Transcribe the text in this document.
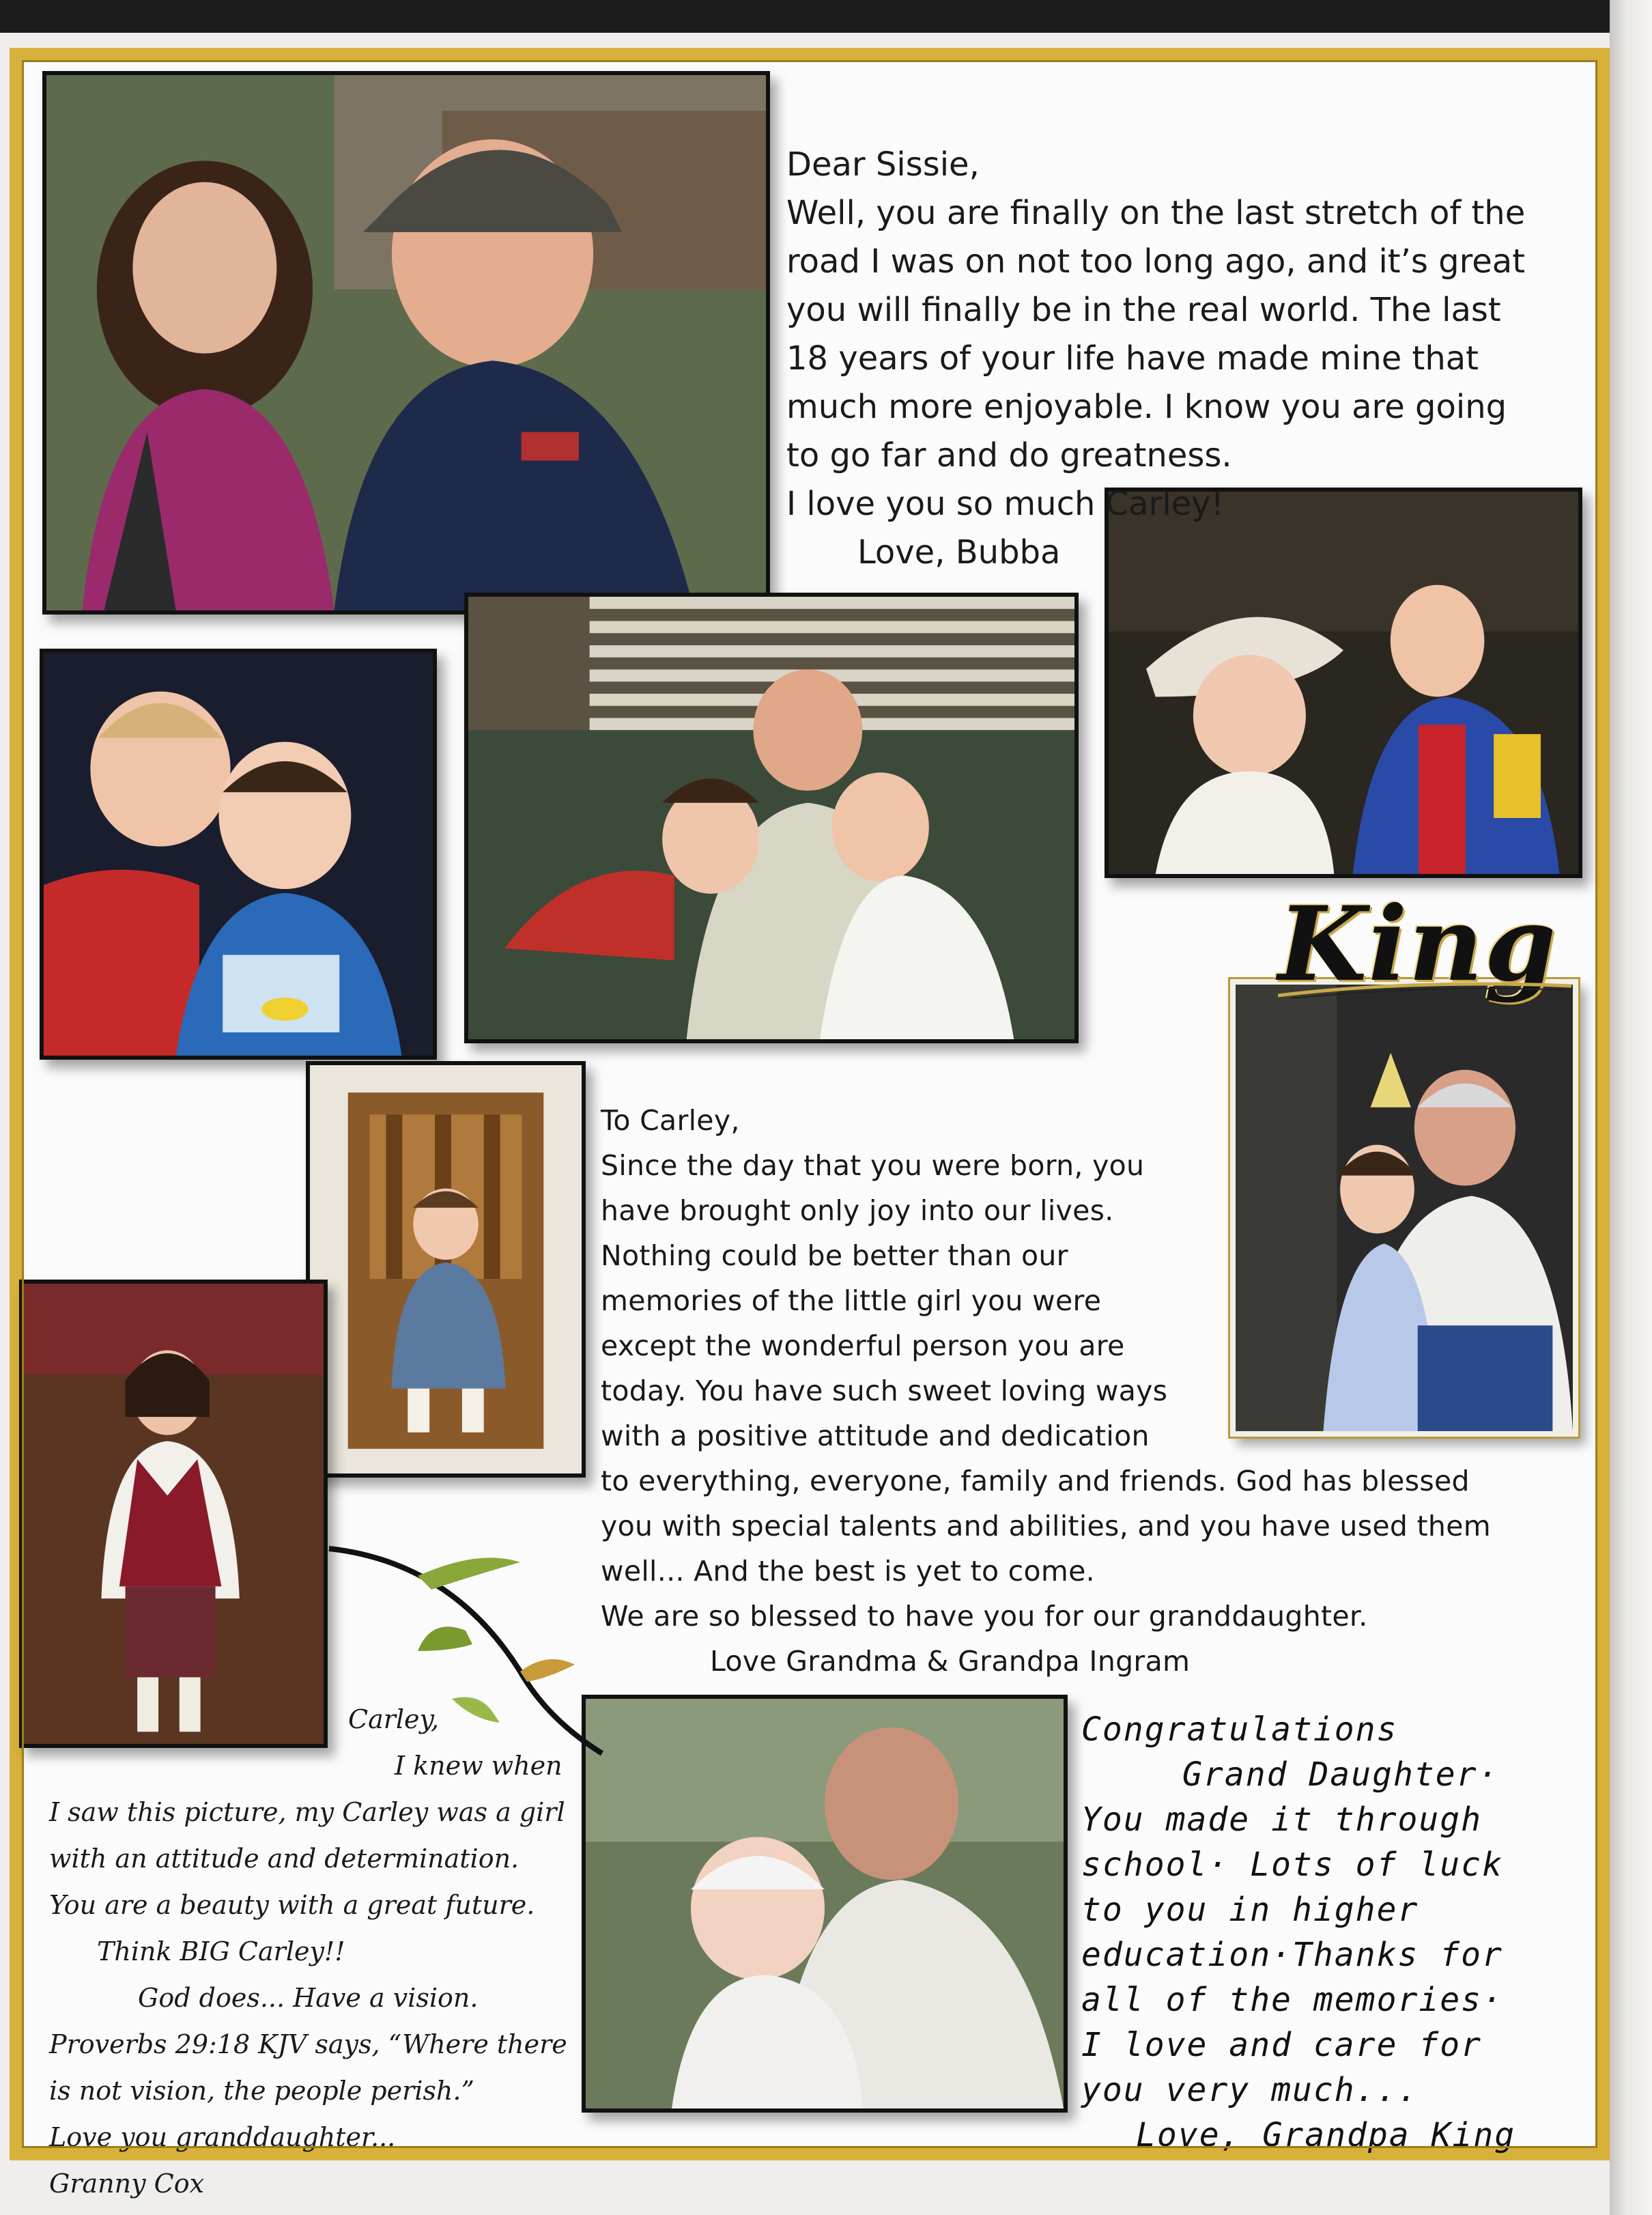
Dear Sissie,
Well, you are finally on the last stretch of the
road I was on not too long ago, and it’s great
you will finally be in the real world. The last
18 years of your life have made mine that
much more enjoyable. I know you are going
to go far and do greatness.
I love you so much Carley!
Love, Bubba
King
To Carley,
Since the day that you were born, you
have brought only joy into our lives.
Nothing could be better than our
memories of the little girl you were
except the wonderful person you are
today. You have such sweet loving ways
with a positive attitude and dedication
to everything, everyone, family and friends. God has blessed
you with special talents and abilities, and you have used them
well... And the best is yet to come.
We are so blessed to have you for our granddaughter.
Love Grandma & Grandpa Ingram
Carley,
I knew when
I saw this picture, my Carley was a girl
with an attitude and determination.
You are a beauty with a great future.
Think BIG Carley!!
God does... Have a vision.
Proverbs 29:18 KJV says, “Where there
is not vision, the people perish.”
Love you granddaughter...
Granny Cox
Congratulations
Grand Daughter·
You made it through
school· Lots of luck
to you in higher
education·Thanks for
all of the memories·
I love and care for
you very much...
Love, Grandpa King
